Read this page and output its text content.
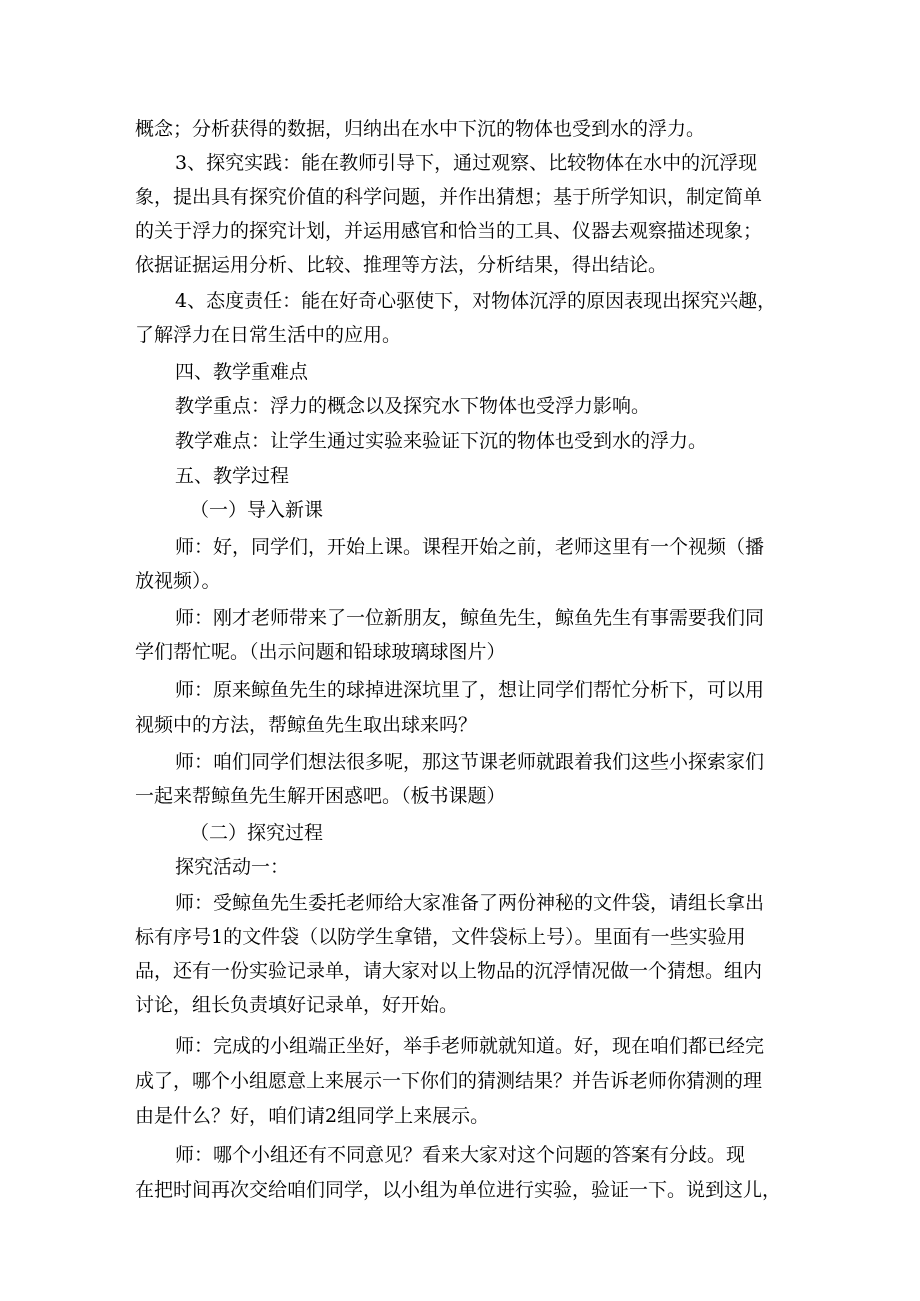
概念；分析获得的数据，归纳出在水中下沉的物体也受到水的浮力。
3、探究实践：能在教师引导下，通过观察、比较物体在水中的沉浮现
象，提出具有探究价值的科学问题，并作出猜想；基于所学知识，制定简单
的关于浮力的探究计划，并运用感官和恰当的工具、仪器去观察描述现象；
依据证据运用分析、比较、推理等方法，分析结果，得出结论。
4、态度责任：能在好奇心驱使下，对物体沉浮的原因表现出探究兴趣，
了解浮力在日常生活中的应用。
四、教学重难点
教学重点：浮力的概念以及探究水下物体也受浮力影响。
教学难点：让学生通过实验来验证下沉的物体也受到水的浮力。
五、教学过程
（一）导入新课
师：好，同学们，开始上课。课程开始之前，老师这里有一个视频（播
放视频）。
师：刚才老师带来了一位新朋友，鲸鱼先生，鲸鱼先生有事需要我们同
学们帮忙呢。（出示问题和铅球玻璃球图片）
师：原来鲸鱼先生的球掉进深坑里了，想让同学们帮忙分析下，可以用
视频中的方法，帮鲸鱼先生取出球来吗？
师：咱们同学们想法很多呢，那这节课老师就跟着我们这些小探索家们
一起来帮鲸鱼先生解开困惑吧。（板书课题）
（二）探究过程
探究活动一：
师：受鲸鱼先生委托老师给大家准备了两份神秘的文件袋，请组长拿出
标有序号1的文件袋（以防学生拿错，文件袋标上号）。里面有一些实验用
品，还有一份实验记录单，请大家对以上物品的沉浮情况做一个猜想。组内
讨论，组长负责填好记录单，好开始。
师：完成的小组端正坐好，举手老师就就知道。好，现在咱们都已经完
成了，哪个小组愿意上来展示一下你们的猜测结果？并告诉老师你猜测的理
由是什么？好，咱们请2组同学上来展示。
师：哪个小组还有不同意见？看来大家对这个问题的答案有分歧。现
在把时间再次交给咱们同学，以小组为单位进行实验，验证一下。说到这儿，
